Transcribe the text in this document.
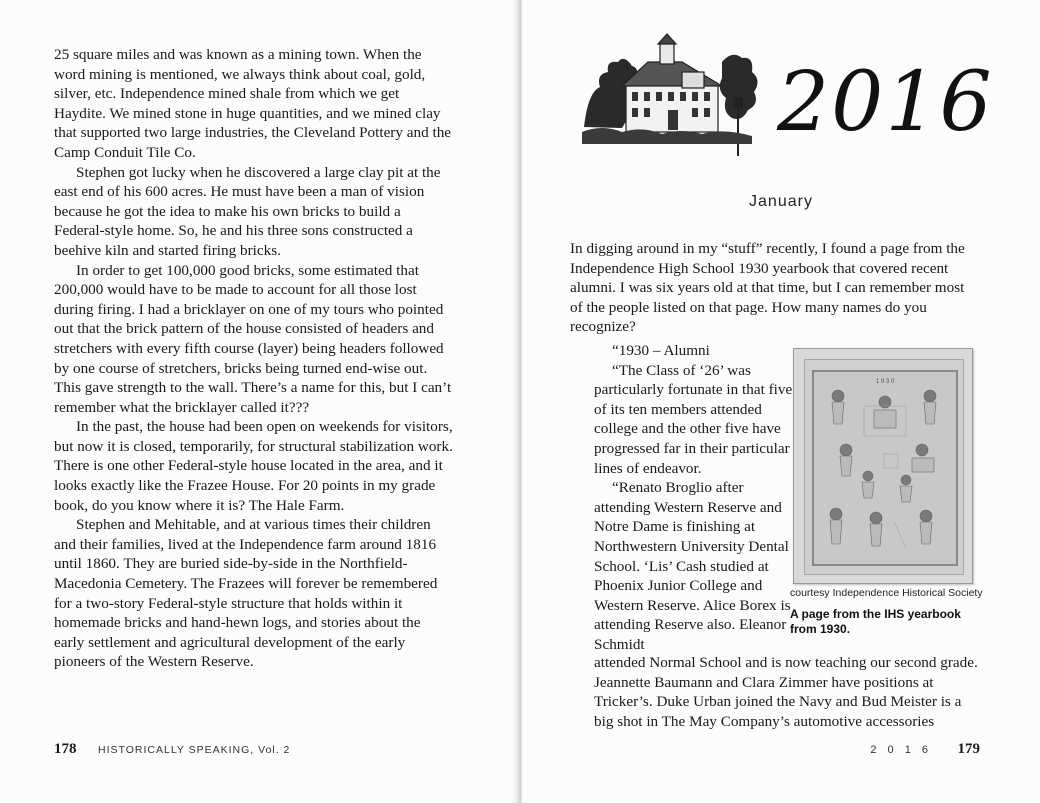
25 square miles and was known as a mining town. When the word mining is mentioned, we always think about coal, gold, silver, etc. Independence mined shale from which we get Haydite. We mined stone in huge quantities, and we mined clay that supported two large industries, the Cleveland Pottery and the Camp Conduit Tile Co.

Stephen got lucky when he discovered a large clay pit at the east end of his 600 acres. He must have been a man of vision because he got the idea to make his own bricks to build a Federal-style home. So, he and his three sons constructed a beehive kiln and started firing bricks.

In order to get 100,000 good bricks, some estimated that 200,000 would have to be made to account for all those lost during firing. I had a bricklayer on one of my tours who pointed out that the brick pattern of the house consisted of headers and stretchers with every fifth course (layer) being headers followed by one course of stretchers, bricks being turned end-wise out. This gave strength to the wall. There’s a name for this, but I can’t remember what the bricklayer called it???

In the past, the house had been open on weekends for visitors, but now it is closed, temporarily, for structural stabilization work. There is one other Federal-style house located in the area, and it looks exactly like the Frazee House. For 20 points in my grade book, do you know where it is? The Hale Farm.

Stephen and Mehitable, and at various times their children and their families, lived at the Independence farm around 1816 until 1860. They are buried side-by-side in the Northfield-Macedonia Cemetery. The Frazees will forever be remembered for a two-story Federal-style structure that holds within it homemade bricks and hand-hewn logs, and stories about the early settlement and agricultural development of the early pioneers of the Western Reserve.

178 HISTORICALLY SPEAKING, Vol. 2
2016
January

In digging around in my “stuff” recently, I found a page from the Independence High School 1930 yearbook that covered recent alumni. I was six years old at that time, but I can remember most of the people listed on that page. How many names do you recognize?

“1930 – Alumni

“The Class of ‘26’ was particularly fortunate in that five of its ten members attended college and the other five have progressed far in their particular lines of endeavor.

“Renato Broglio after attending Western Reserve and Notre Dame is finishing at Northwestern University Dental School. ‘Lis’ Cash studied at Phoenix Junior College and Western Reserve. Alice Borex is attending Reserve also. Eleanor Schmidt

1 9 3 0
courtesy Independence Historical Society
A page from the IHS yearbook from 1930.

attended Normal School and is now teaching our second grade. Jeannette Baumann and Clara Zimmer have positions at Tricker’s. Duke Urban joined the Navy and Bud Meister is a big shot in The May Company’s automotive accessories

2 0 1 6 179
